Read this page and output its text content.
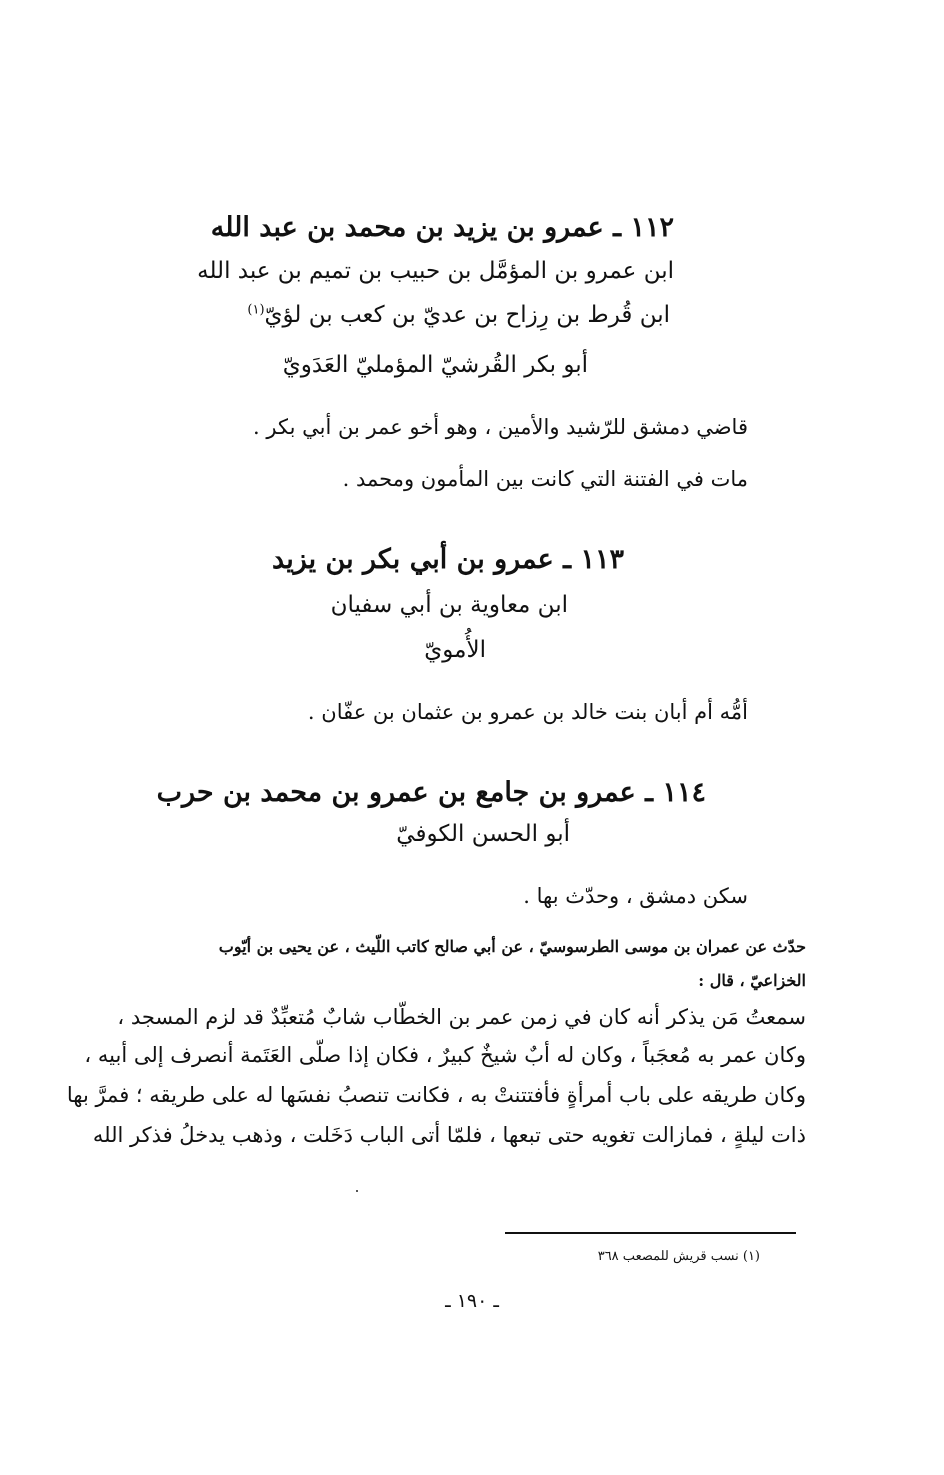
١١٢ ـ عمرو بن يزيد بن محمد بن عبد الله
ابن عمرو بن المؤمَّل بن حبيب بن تميم بن عبد الله
ابن قُرط بن رِزاح بن عديّ بن كعب بن لؤيّ$^{(١)}$
أبو بكر القُرشيّ المؤمليّ العَدَويّ
قاضي دمشق للرّشيد والأمين ، وهو أخو عمر بن أبي بكر .
مات في الفتنة التي كانت بين المأمون ومحمد .
١١٣ ـ عمرو بن أبي بكر بن يزيد
ابن معاوية بن أبي سفيان
الأُمويّ
أمُّه أم أبان بنت خالد بن عمرو بن عثمان بن عفّان .
١١٤ ـ عمرو بن جامع بن عمرو بن محمد بن حرب
أبو الحسن الكوفيّ
سكن دمشق ، وحدّث بها .
حدّث عن عمران بن موسى الطرسوسيّ ، عن أبي صالح كاتب اللّيث ، عن يحيى بن أيّوب
الخزاعيّ ، قال :
سمعتُ مَن يذكر أنه كان في زمن عمر بن الخطّاب شابٌ مُتعبِّدٌ قد لزم المسجد ،
وكان عمر به مُعجَباً ، وكان له أبٌ شيخٌ كبيرٌ ، فكان إذا صلّى العَتَمة أنصرف إلى أبيه ،
وكان طريقه على باب أمرأةٍ فأفتتنتْ به ، فكانت تنصبُ نفسَها له على طريقه ؛ فمرَّ بها
ذات ليلةٍ ، فمازالت تغويه حتى تبعها ، فلمّا أتى الباب دَخَلت ، وذهب يدخلُ فذكر الله
(١) نسب قريش للمصعب ٣٦٨
ـ ١٩٠ ـ
